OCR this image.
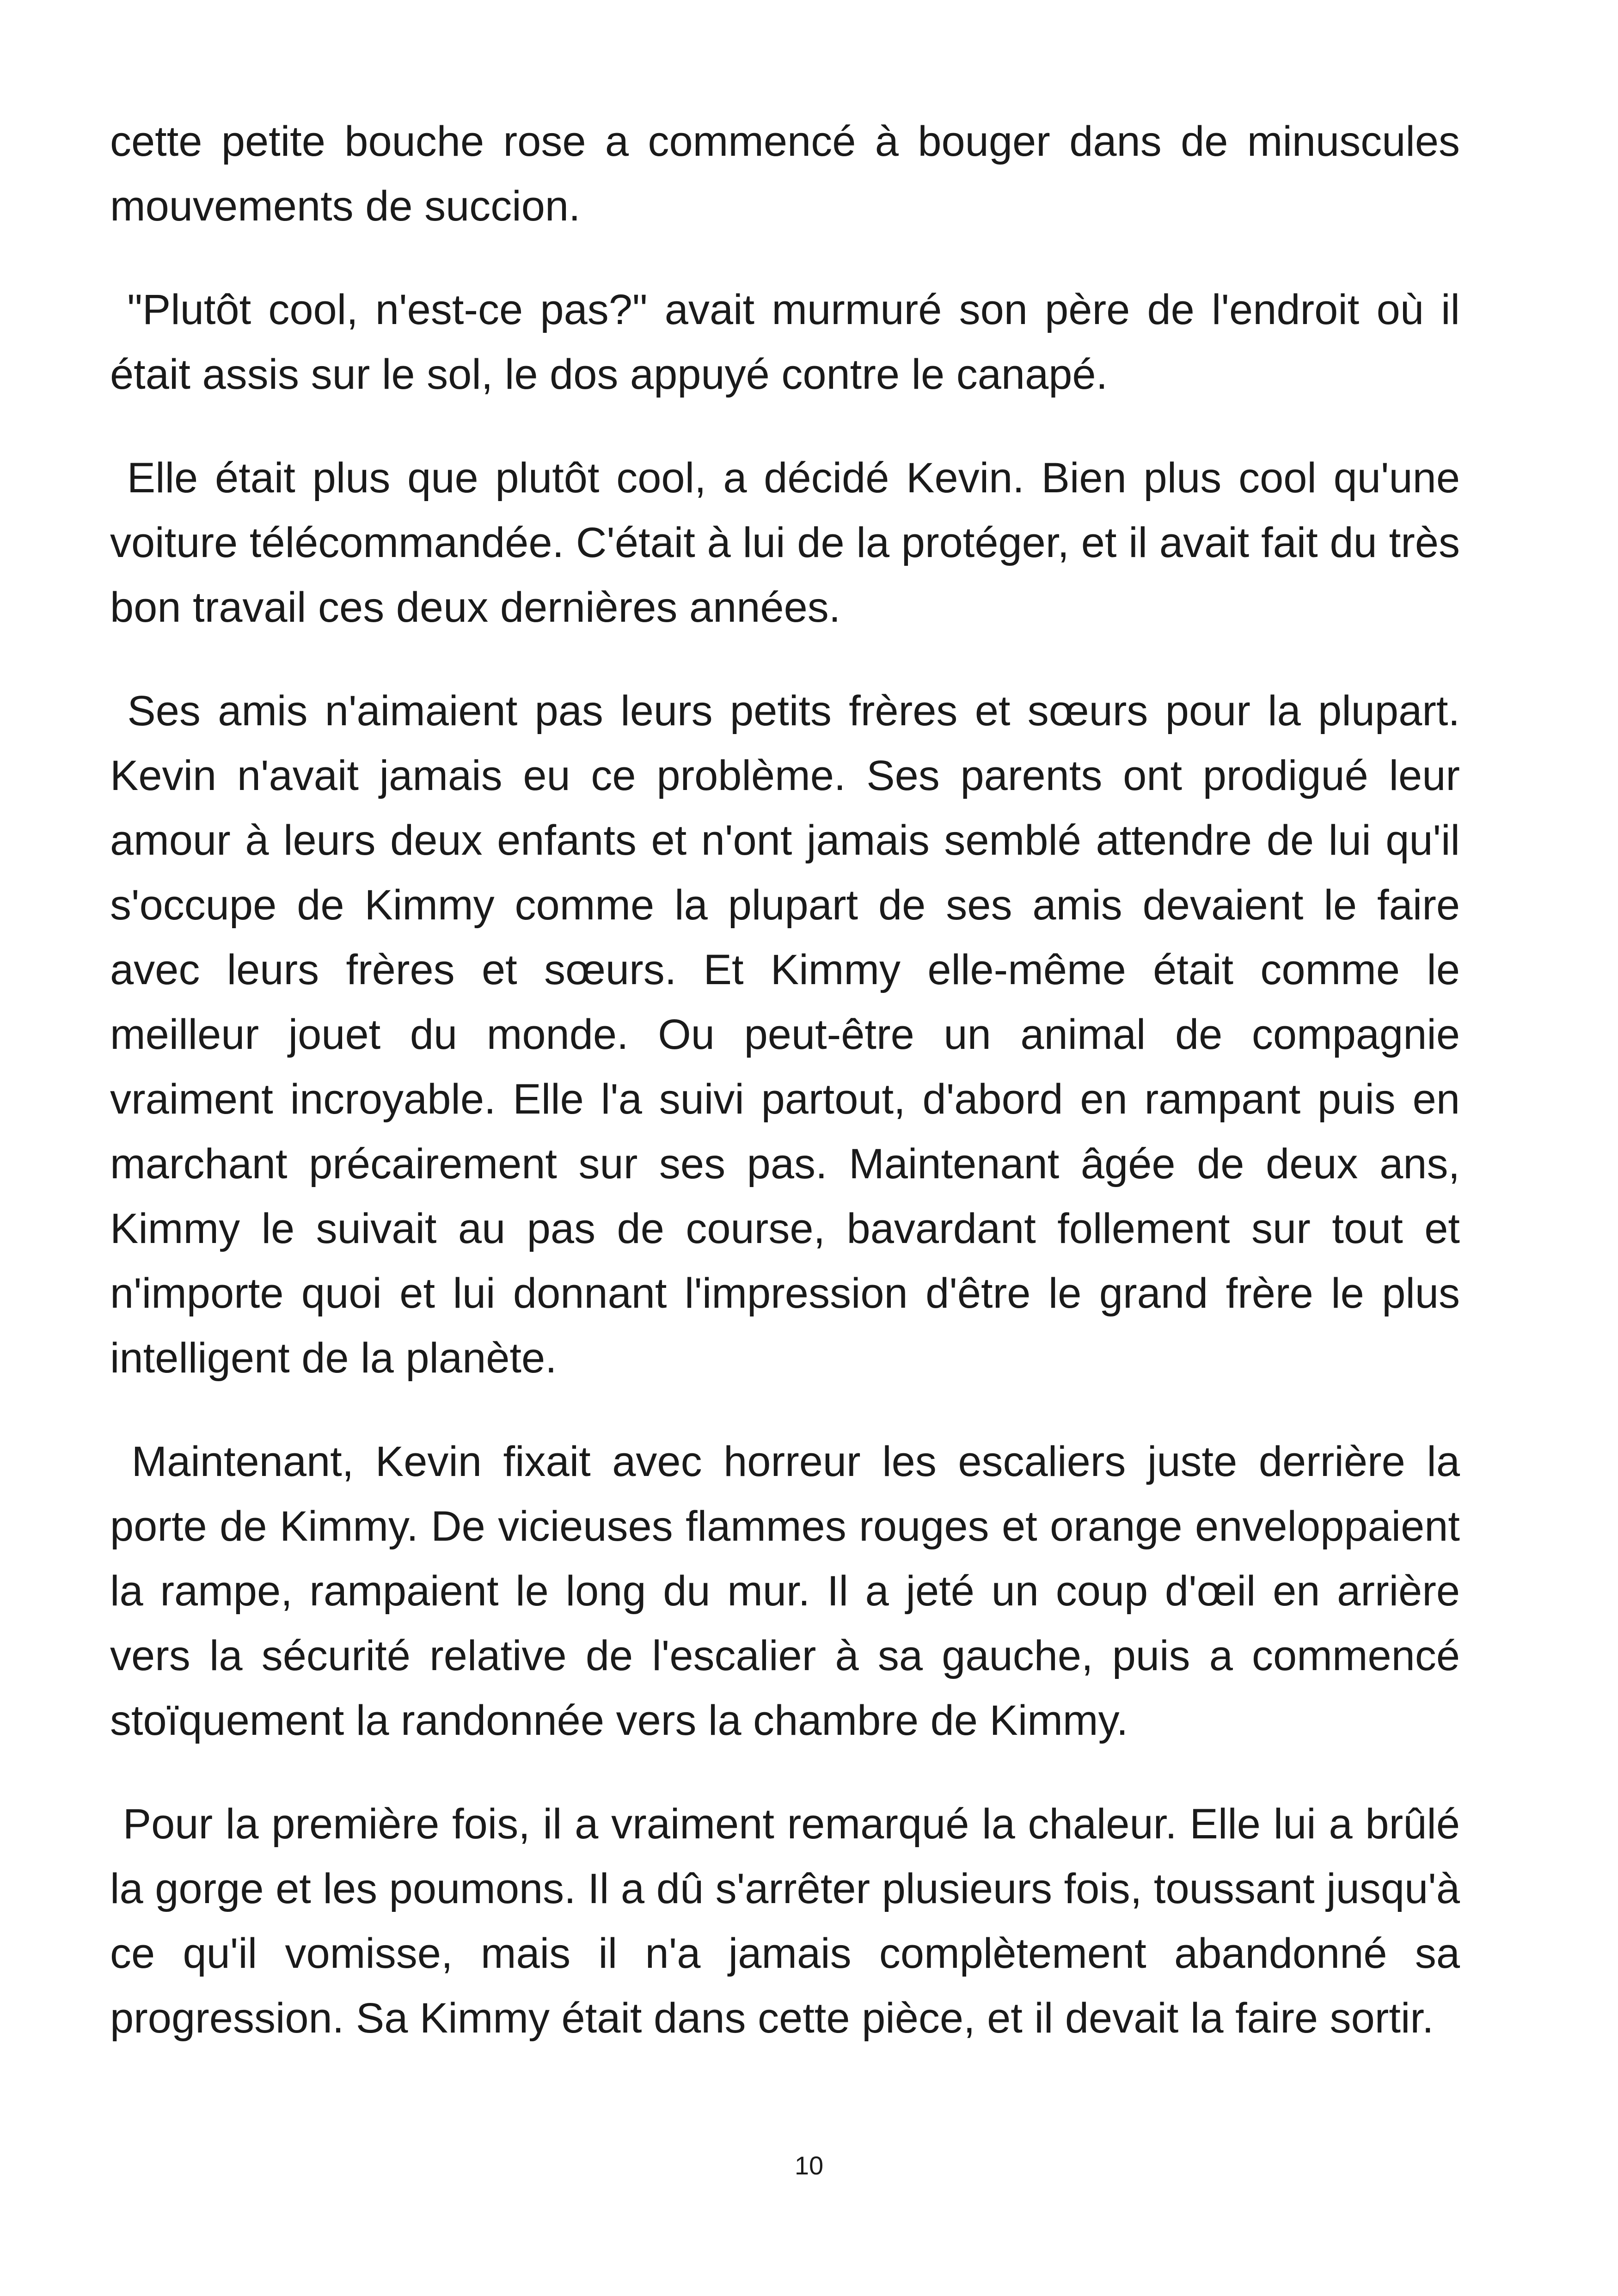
cette petite bouche rose a commencé à bouger dans de minuscules mouvements de succion.

"Plutôt cool, n'est-ce pas?" avait murmuré son père de l'endroit où il était assis sur le sol, le dos appuyé contre le canapé.

Elle était plus que plutôt cool, a décidé Kevin. Bien plus cool qu'une voiture télécommandée. C'était à lui de la protéger, et il avait fait du très bon travail ces deux dernières années.

Ses amis n'aimaient pas leurs petits frères et sœurs pour la plupart. Kevin n'avait jamais eu ce problème. Ses parents ont prodigué leur amour à leurs deux enfants et n'ont jamais semblé attendre de lui qu'il s'occupe de Kimmy comme la plupart de ses amis devaient le faire avec leurs frères et sœurs. Et Kimmy elle-même était comme le meilleur jouet du monde. Ou peut-être un animal de compagnie vraiment incroyable. Elle l'a suivi partout, d'abord en rampant puis en marchant précairement sur ses pas. Maintenant âgée de deux ans, Kimmy le suivait au pas de course, bavardant follement sur tout et n'importe quoi et lui donnant l'impression d'être le grand frère le plus intelligent de la planète.

Maintenant, Kevin fixait avec horreur les escaliers juste derrière la porte de Kimmy. De vicieuses flammes rouges et orange enveloppaient la rampe, rampaient le long du mur. Il a jeté un coup d'œil en arrière vers la sécurité relative de l'escalier à sa gauche, puis a commencé stoïquement la randonnée vers la chambre de Kimmy.

Pour la première fois, il a vraiment remarqué la chaleur. Elle lui a brûlé la gorge et les poumons. Il a dû s'arrêter plusieurs fois, toussant jusqu'à ce qu'il vomisse, mais il n'a jamais complètement abandonné sa progression. Sa Kimmy était dans cette pièce, et il devait la faire sortir.

10
